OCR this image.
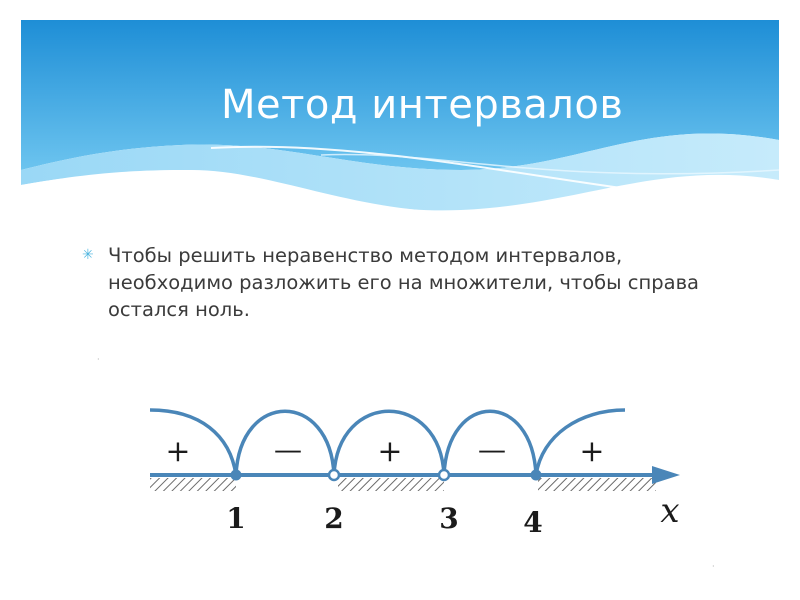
Метод интервалов
✳ Чтобы решить неравенство методом интервалов, необходимо разложить его на множители, чтобы справа остался ноль.
·
·
+	—	+	— +
1	2	3 4	x
